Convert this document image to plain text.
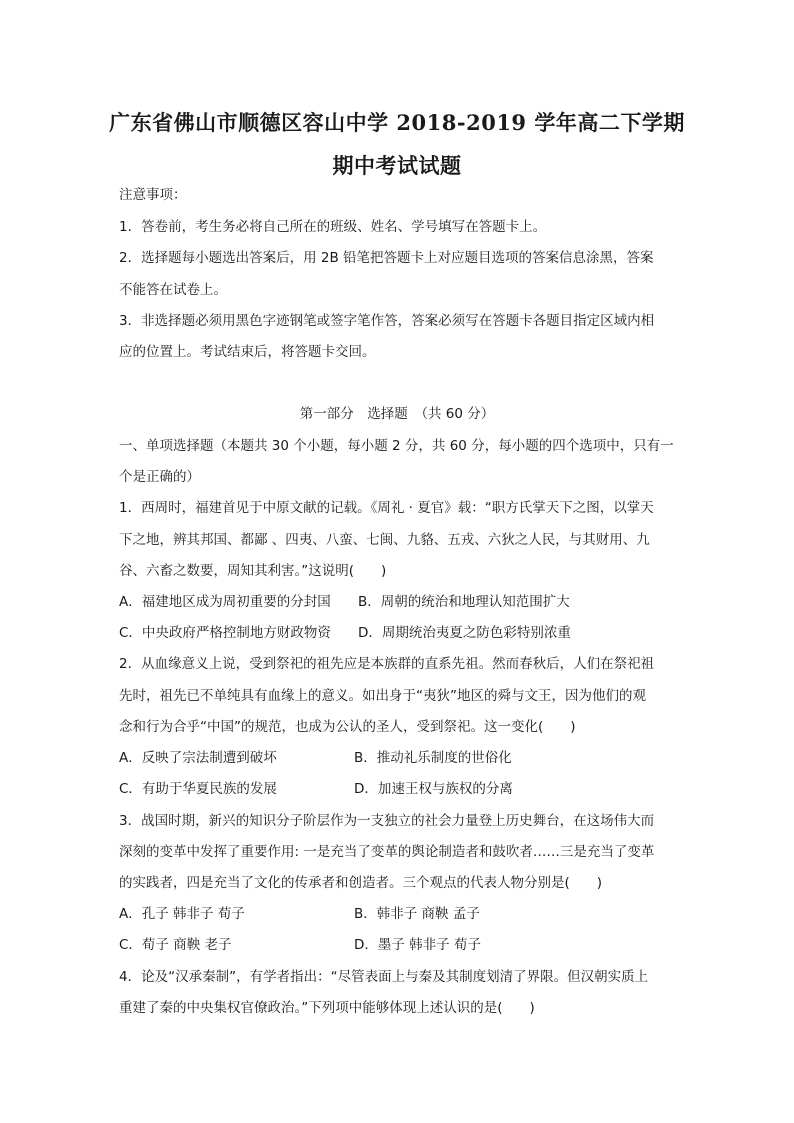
广东省佛山市顺德区容山中学 2018-2019 学年高二下学期
期中考试试题
注意事项：
1．答卷前，考生务必将自己所在的班级、姓名、学号填写在答题卡上。
2．选择题每小题选出答案后，用 2B 铅笔把答题卡上对应题目选项的答案信息涂黑，答案
不能答在试卷上。
3．非选择题必须用黑色字迹钢笔或签字笔作答，答案必须写在答题卡各题目指定区域内相
应的位置上。考试结束后，将答题卡交回。
第一部分　选择题　（共 60 分）
一、单项选择题（本题共 30 个小题，每小题 2 分，共 60 分，每小题的四个选项中，只有一
个是正确的）
1．西周时，福建首见于中原文献的记载。《周礼 · 夏官》载：“职方氏掌天下之图，以掌天
下之地，辨其邦国、都鄙 、四夷、八蛮、七闽、九貉、五戎、六狄之人民，与其财用、九
谷、六畜之数要，周知其利害。”这说明(　　)
A．福建地区成为周初重要的分封国 B．周朝的统治和地理认知范围扩大
C．中央政府严格控制地方财政物资 D．周期统治夷夏之防色彩特别浓重
2．从血缘意义上说，受到祭祀的祖先应是本族群的直系先祖。然而春秋后，人们在祭祀祖
先时，祖先已不单纯具有血缘上的意义。如出身于“夷狄”地区的舜与文王，因为他们的观
念和行为合乎“中国”的规范，也成为公认的圣人，受到祭祀。这一变化(　　)
A．反映了宗法制遭到破坏	B．推动礼乐制度的世俗化
C．有助于华夏民族的发展	D．加速王权与族权的分离
3．战国时期，新兴的知识分子阶层作为一支独立的社会力量登上历史舞台，在这场伟大而
深刻的变革中发挥了重要作用: 一是充当了变革的舆论制造者和鼓吹者……三是充当了变革
的实践者，四是充当了文化的传承者和创造者。三个观点的代表人物分别是(　　)
A．孔子 韩非子 荀子	B．韩非子 商鞅 孟子
C．荀子 商鞅 老子	D．墨子 韩非子 荀子
4．论及“汉承秦制”，有学者指出：“尽管表面上与秦及其制度划清了界限。但汉朝实质上
重建了秦的中央集权官僚政治。”下列项中能够体现上述认识的是(　　)
